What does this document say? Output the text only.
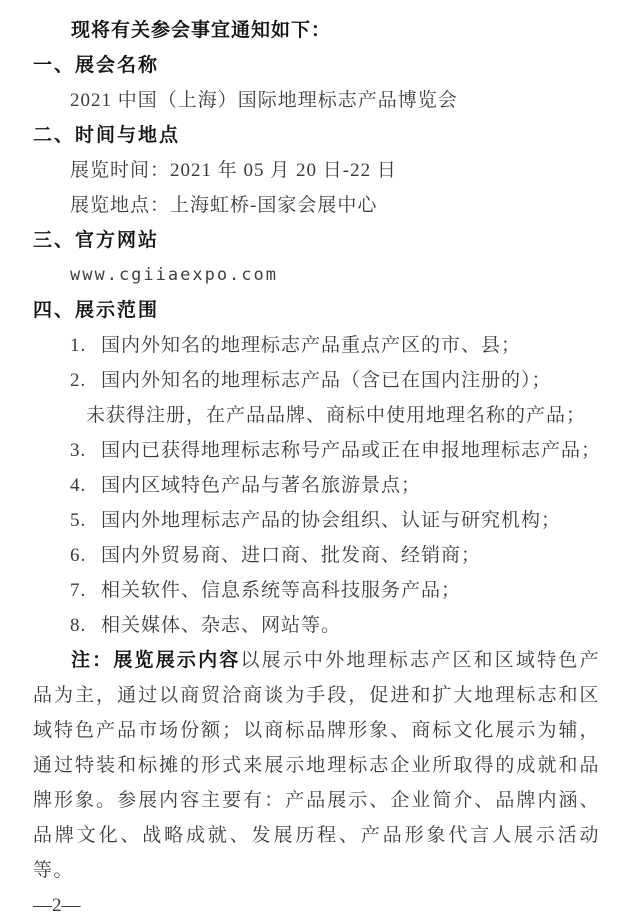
现将有关参会事宜通知如下：
一、展会名称
2021 中国（上海）国际地理标志产品博览会
二、时间与地点
展览时间：2021 年 05 月 20 日-22 日
展览地点：上海虹桥-国家会展中心
三、官方网站
www.cgiiaexpo.com
四、展示范围
1. 国内外知名的地理标志产品重点产区的市、县；
2. 国内外知名的地理标志产品（含已在国内注册的）；
未获得注册，在产品品牌、商标中使用地理名称的产品；
3. 国内已获得地理标志称号产品或正在申报地理标志产品；
4. 国内区域特色产品与著名旅游景点；
5. 国内外地理标志产品的协会组织、认证与研究机构；
6. 国内外贸易商、进口商、批发商、经销商；
7. 相关软件、信息系统等高科技服务产品；
8. 相关媒体、杂志、网站等。

注：展览展示内容以展示中外地理标志产区和区域特色产品为主，通过以商贸洽商谈为手段，促进和扩大地理标志和区域特色产品市场份额；以商标品牌形象、商标文化展示为辅，通过特装和标摊的形式来展示地理标志企业所取得的成就和品牌形象。参展内容主要有：产品展示、企业简介、品牌内涵、品牌文化、战略成就、发展历程、产品形象代言人展示活动等。

—2—
